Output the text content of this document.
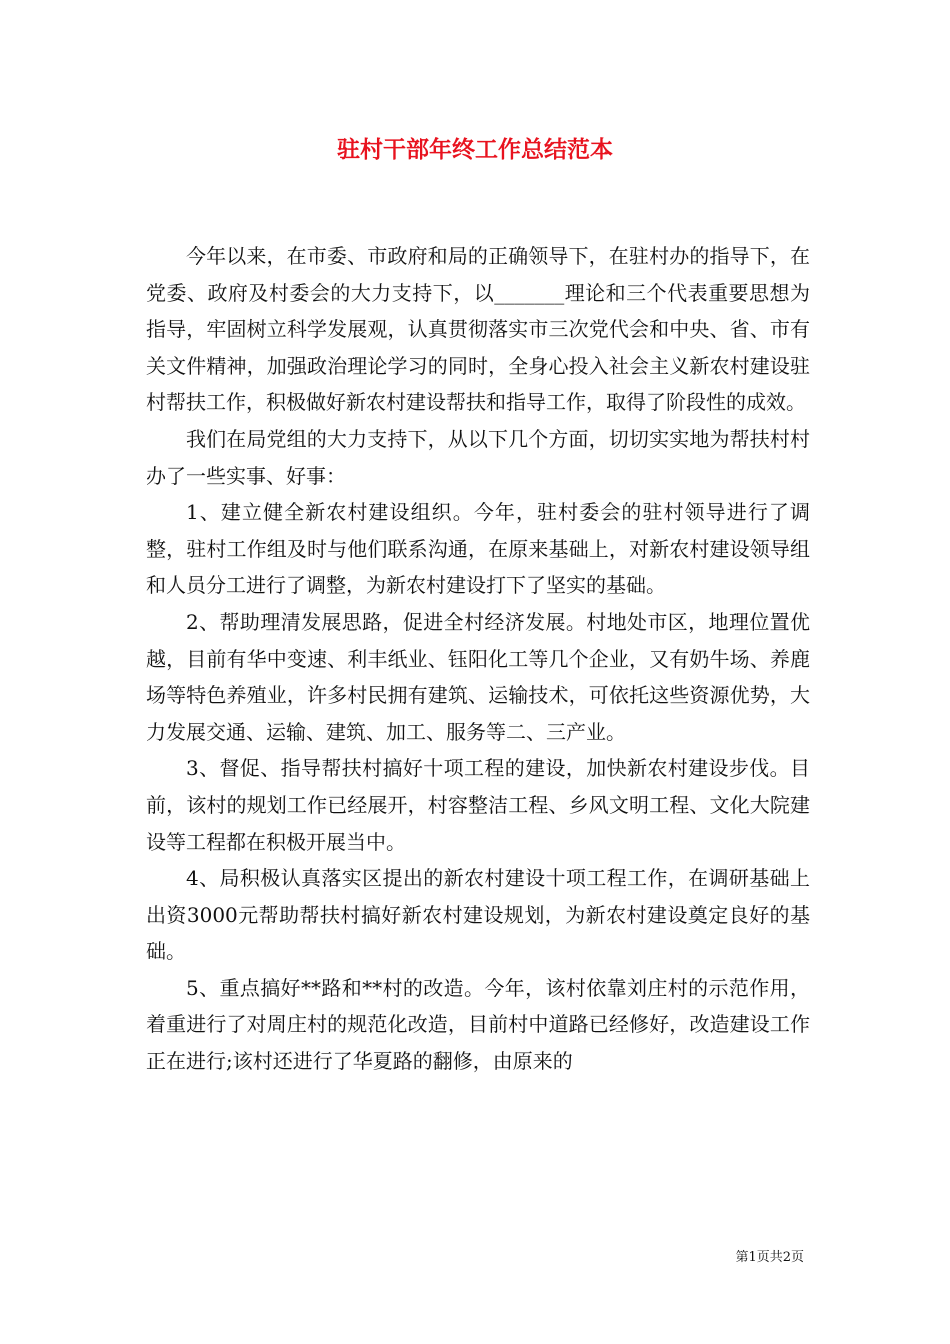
驻村干部年终工作总结范本

今年以来，在市委、市政府和局的正确领导下，在驻村办的指导下，在党委、政府及村委会的大力支持下，以_______理论和三个代表重要思想为指导，牢固树立科学发展观，认真贯彻落实市三次党代会和中央、省、市有关文件精神，加强政治理论学习的同时，全身心投入社会主义新农村建设驻村帮扶工作，积极做好新农村建设帮扶和指导工作，取得了阶段性的成效。

我们在局党组的大力支持下，从以下几个方面，切切实实地为帮扶村村办了一些实事、好事：

1、建立健全新农村建设组织。今年，驻村委会的驻村领导进行了调整，驻村工作组及时与他们联系沟通，在原来基础上，对新农村建设领导组和人员分工进行了调整，为新农村建设打下了坚实的基础。

2、帮助理清发展思路，促进全村经济发展。村地处市区，地理位置优越，目前有华中变速、利丰纸业、钰阳化工等几个企业，又有奶牛场、养鹿场等特色养殖业，许多村民拥有建筑、运输技术，可依托这些资源优势，大力发展交通、运输、建筑、加工、服务等二、三产业。

3、督促、指导帮扶村搞好十项工程的建设，加快新农村建设步伐。目前，该村的规划工作已经展开，村容整洁工程、乡风文明工程、文化大院建设等工程都在积极开展当中。

4、局积极认真落实区提出的新农村建设十项工程工作，在调研基础上出资3000元帮助帮扶村搞好新农村建设规划，为新农村建设奠定良好的基础。

5、重点搞好**路和**村的改造。今年，该村依靠刘庄村的示范作用，着重进行了对周庄村的规范化改造，目前村中道路已经修好，改造建设工作正在进行;该村还进行了华夏路的翻修，由原来的

第1页共2页
